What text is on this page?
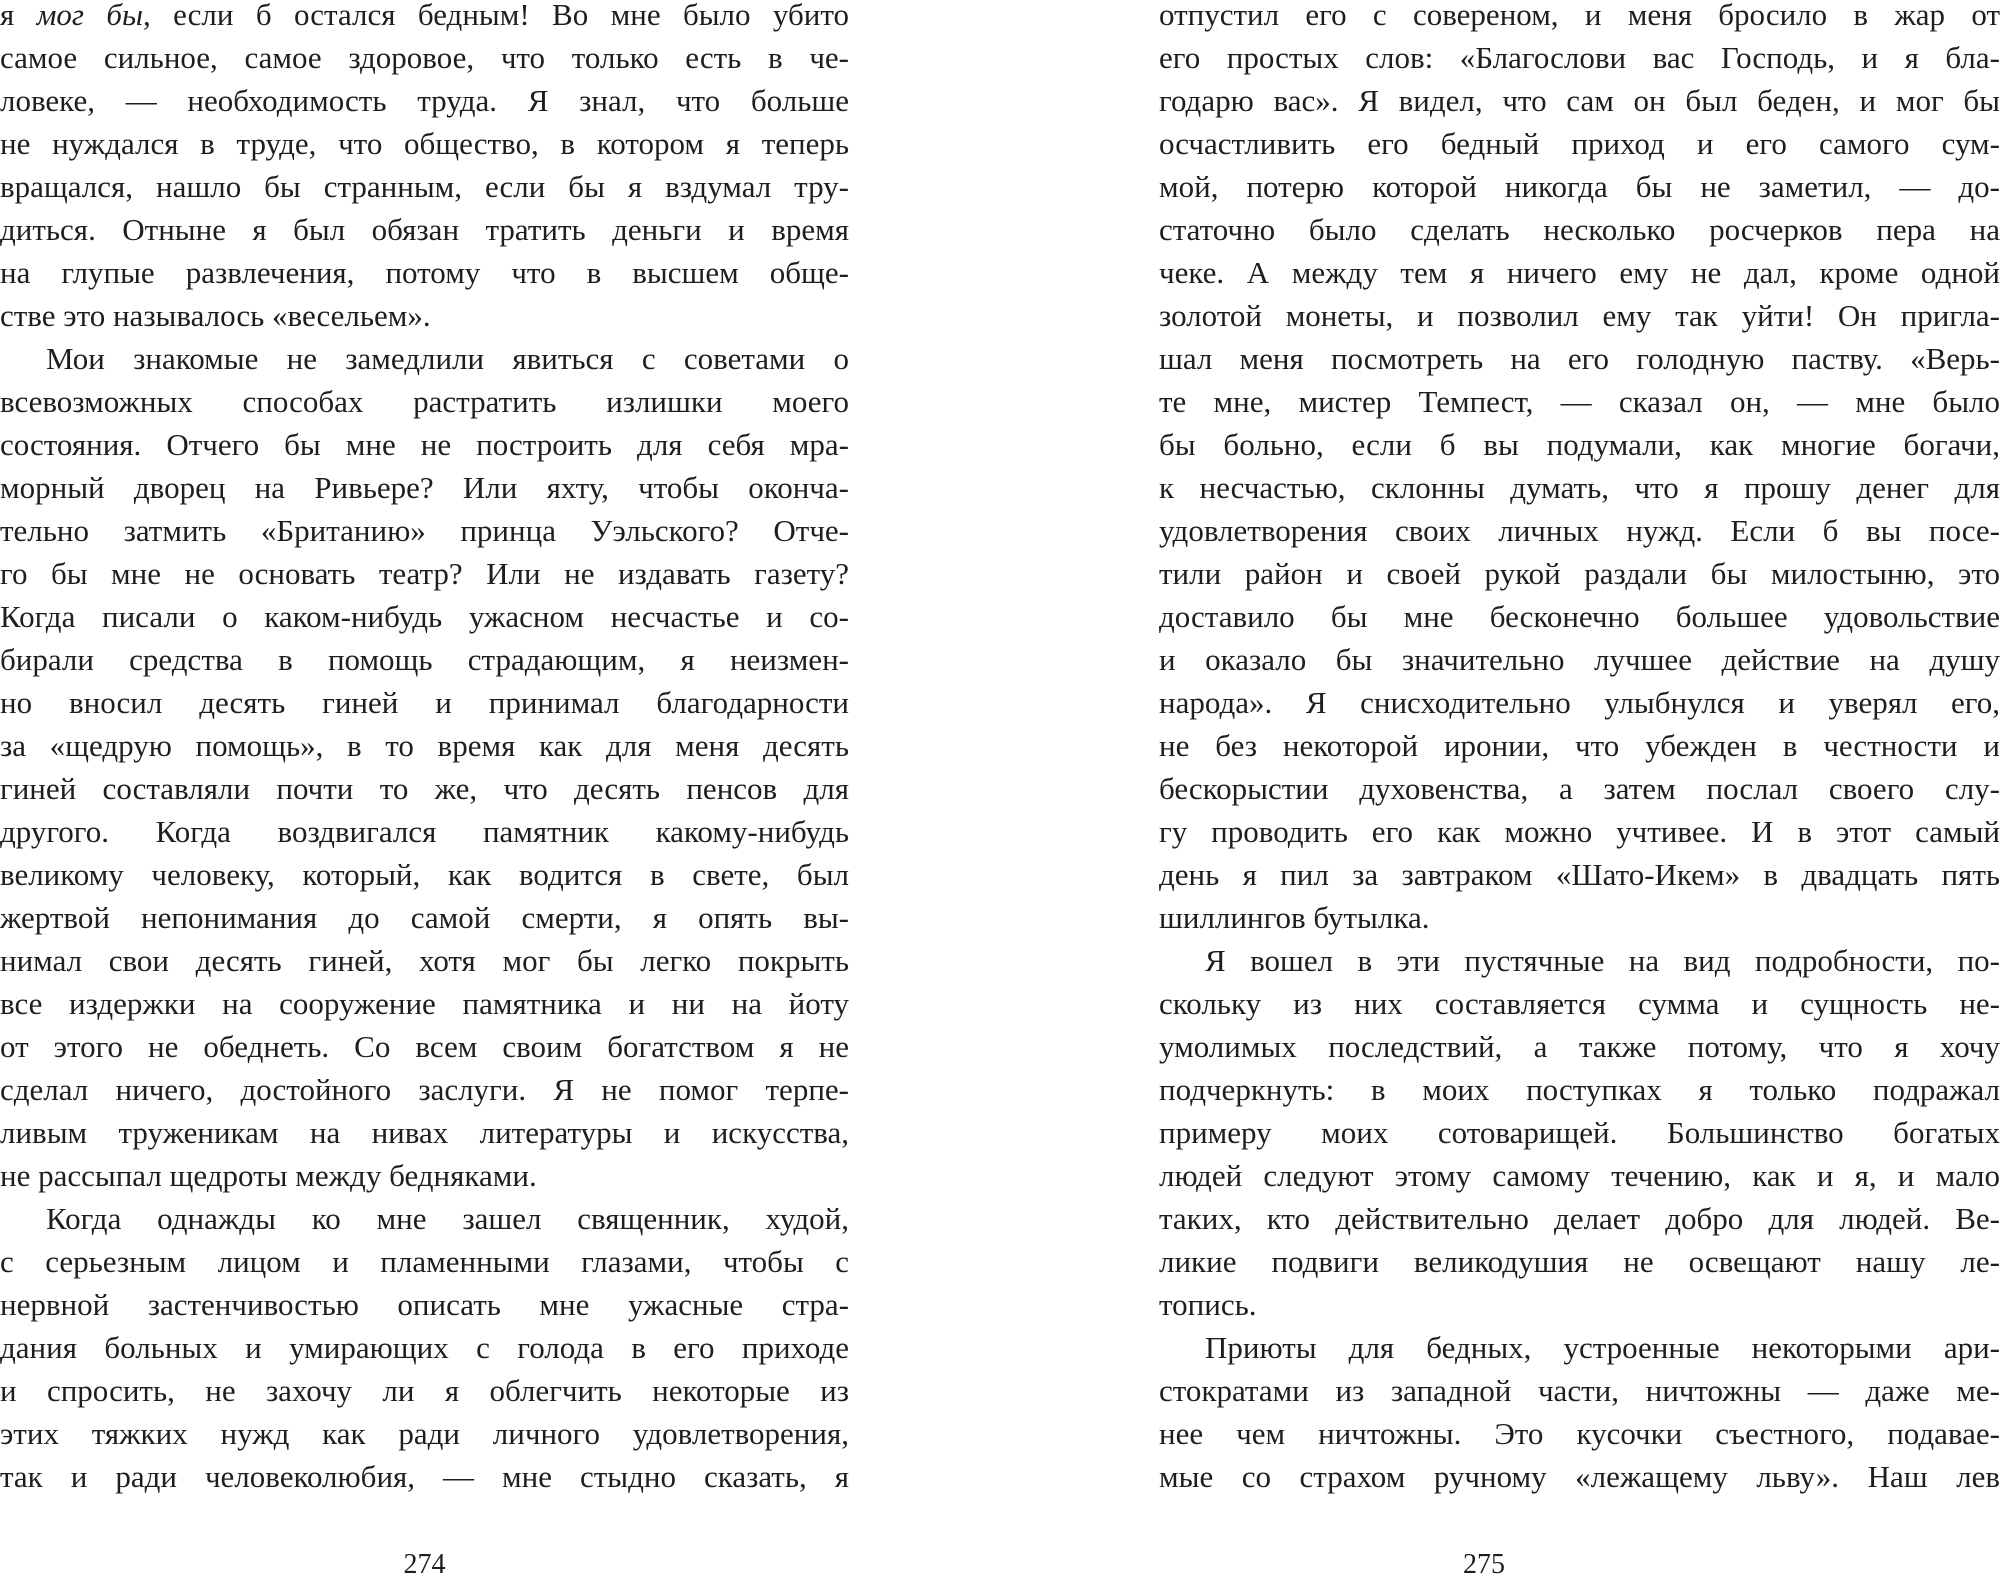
я мог бы, если б остался бедным! Во мне было убито
самое сильное, самое здоровое, что только есть в че-
ловеке, — необходимость труда. Я знал, что больше
не нуждался в труде, что общество, в котором я теперь
вращался, нашло бы странным, если бы я вздумал тру-
диться. Отныне я был обязан тратить деньги и время
на глупые развлечения, потому что в высшем обще-
стве это называлось «весельем».
Мои знакомые не замедлили явиться с советами о
всевозможных способах растратить излишки моего
состояния. Отчего бы мне не построить для себя мра-
морный дворец на Ривьере? Или яхту, чтобы оконча-
тельно затмить «Британию» принца Уэльского? Отче-
го бы мне не основать театр? Или не издавать газету?
Когда писали о каком-нибудь ужасном несчастье и со-
бирали средства в помощь страдающим, я неизмен-
но вносил десять гиней и принимал благодарности
за «щедрую помощь», в то время как для меня десять
гиней составляли почти то же, что десять пенсов для
другого. Когда воздвигался памятник какому-нибудь
великому человеку, который, как водится в свете, был
жертвой непонимания до самой смерти, я опять вы-
нимал свои десять гиней, хотя мог бы легко покрыть
все издержки на сооружение памятника и ни на йоту
от этого не обеднеть. Со всем своим богатством я не
сделал ничего, достойного заслуги. Я не помог терпе-
ливым труженикам на нивах литературы и искусства,
не рассыпал щедроты между бедняками.
Когда однажды ко мне зашел священник, худой,
с серьезным лицом и пламенными глазами, чтобы с
нервной застенчивостью описать мне ужасные стра-
дания больных и умирающих с голода в его приходе
и спросить, не захочу ли я облегчить некоторые из
этих тяжких нужд как ради личного удовлетворения,
так и ради человеколюбия, — мне стыдно сказать, я
274
отпустил его с совереном, и меня бросило в жар от
его простых слов: «Благослови вас Господь, и я бла-
годарю вас». Я видел, что сам он был беден, и мог бы
осчастливить его бедный приход и его самого сум-
мой, потерю которой никогда бы не заметил, — до-
статочно было сделать несколько росчерков пера на
чеке. А между тем я ничего ему не дал, кроме одной
золотой монеты, и позволил ему так уйти! Он пригла-
шал меня посмотреть на его голодную паству. «Верь-
те мне, мистер Темпест, — сказал он, — мне было
бы больно, если б вы подумали, как многие богачи,
к несчастью, склонны думать, что я прошу денег для
удовлетворения своих личных нужд. Если б вы посе-
тили район и своей рукой раздали бы милостыню, это
доставило бы мне бесконечно большее удовольствие
и оказало бы значительно лучшее действие на душу
народа». Я снисходительно улыбнулся и уверял его,
не без некоторой иронии, что убежден в честности и
бескорыстии духовенства, а затем послал своего слу-
гу проводить его как можно учтивее. И в этот самый
день я пил за завтраком «Шато-Икем» в двадцать пять
шиллингов бутылка.
Я вошел в эти пустячные на вид подробности, по-
скольку из них составляется сумма и сущность не-
умолимых последствий, а также потому, что я хочу
подчеркнуть: в моих поступках я только подражал
примеру моих сотоварищей. Большинство богатых
людей следуют этому самому течению, как и я, и мало
таких, кто действительно делает добро для людей. Ве-
ликие подвиги великодушия не освещают нашу ле-
топись.
Приюты для бедных, устроенные некоторыми ари-
стократами из западной части, ничтожны — даже ме-
нее чем ничтожны. Это кусочки съестного, подавае-
мые со страхом ручному «лежащему льву». Наш лев
275
